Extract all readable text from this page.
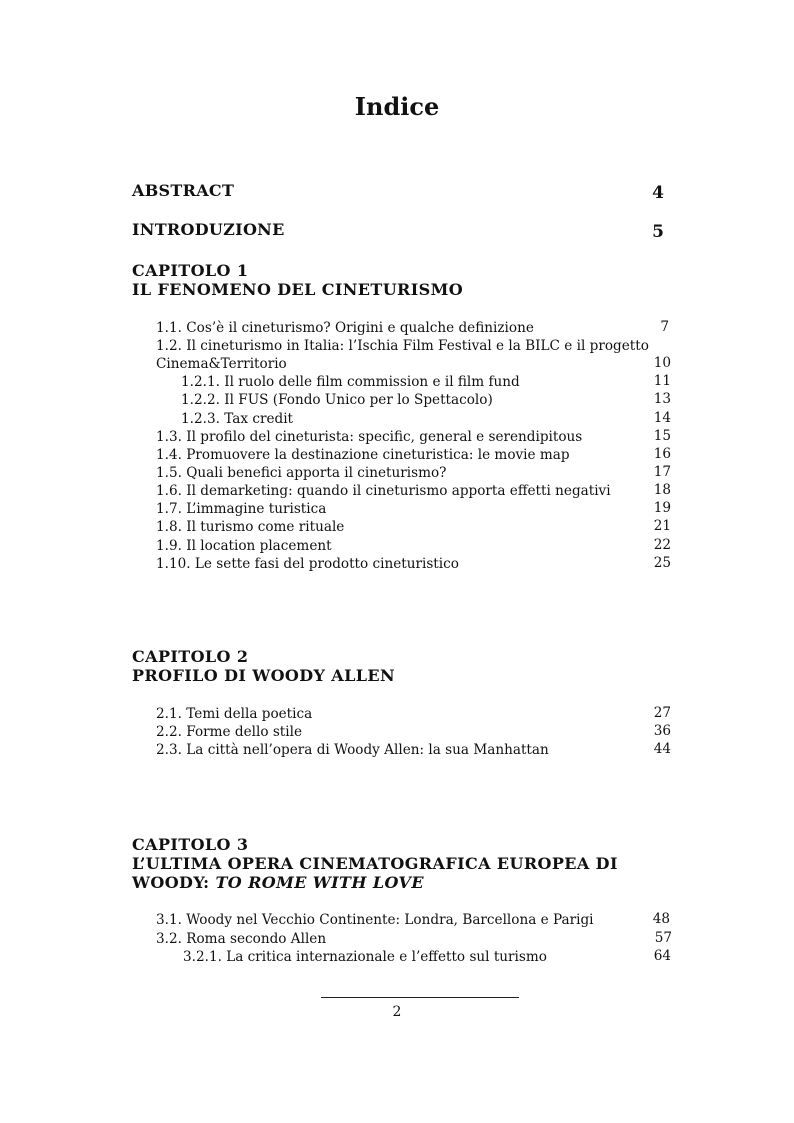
Indice
ABSTRACT	4
INTRODUZIONE	5
CAPITOLO 1
IL FENOMENO DEL CINETURISMO
1.1. Cos’è il cineturismo? Origini e qualche definizione	7
1.2. Il cineturismo in Italia: l’Ischia Film Festival e la BILC e il progetto
Cinema&Territorio	10
1.2.1. Il ruolo delle film commission e il film fund	11
1.2.2. Il FUS (Fondo Unico per lo Spettacolo)	13
1.2.3. Tax credit	14
1.3. Il profilo del cineturista: specific, general e serendipitous	15
1.4. Promuovere la destinazione cineturistica: le movie map	16
1.5. Quali benefici apporta il cineturismo?	17
1.6. Il demarketing: quando il cineturismo apporta effetti negativi	18
1.7. L’immagine turistica	19
1.8. Il turismo come rituale	21
1.9. Il location placement	22
1.10. Le sette fasi del prodotto cineturistico	25
CAPITOLO 2
PROFILO DI WOODY ALLEN
2.1. Temi della poetica	27
2.2. Forme dello stile	36
2.3. La città nell’opera di Woody Allen: la sua Manhattan	44
CAPITOLO 3
L’ULTIMA OPERA CINEMATOGRAFICA EUROPEA DI
WOODY: TO ROME WITH LOVE
3.1. Woody nel Vecchio Continente: Londra, Barcellona e Parigi	48
3.2. Roma secondo Allen	57
3.2.1. La critica internazionale e l’effetto sul turismo	64
2
